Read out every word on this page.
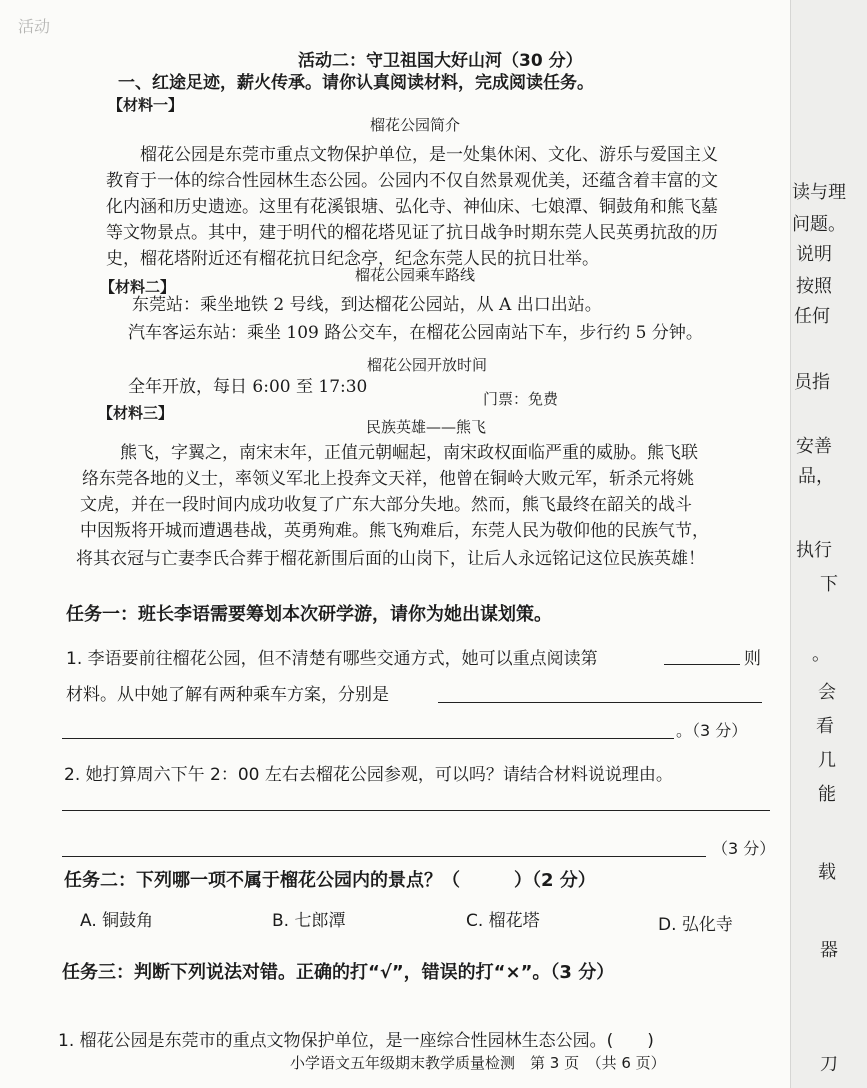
活动
活动二：守卫祖国大好山河（30 分）
一、红途足迹，薪火传承。请你认真阅读材料，完成阅读任务。
【材料一】
榴花公园简介
榴花公园是东莞市重点文物保护单位，是一处集休闲、文化、游乐与爱国主义
教育于一体的综合性园林生态公园。公园内不仅自然景观优美，还蕴含着丰富的文
化内涵和历史遗迹。这里有花溪银塘、弘化寺、神仙床、七娘潭、铜鼓角和熊飞墓
等文物景点。其中，建于明代的榴花塔见证了抗日战争时期东莞人民英勇抗敌的历
史，榴花塔附近还有榴花抗日纪念亭，纪念东莞人民的抗日壮举。
【材料二】
榴花公园乘车路线
东莞站：乘坐地铁 2 号线，到达榴花公园站，从 A 出口出站。
汽车客运东站：乘坐 109 路公交车，在榴花公园南站下车，步行约 5 分钟。
榴花公园开放时间
全年开放，每日 6:00 至 17:30
门票：免费
【材料三】
民族英雄——熊飞
熊飞，字翼之，南宋末年，正值元朝崛起，南宋政权面临严重的威胁。熊飞联
络东莞各地的义士，率领义军北上投奔文天祥，他曾在铜岭大败元军，斩杀元将姚
文虎，并在一段时间内成功收复了广东大部分失地。然而，熊飞最终在韶关的战斗
中因叛将开城而遭遇巷战，英勇殉难。熊飞殉难后，东莞人民为敬仰他的民族气节，
将其衣冠与亡妻李氏合葬于榴花新围后面的山岗下，让后人永远铭记这位民族英雄！
任务一：班长李语需要筹划本次研学游，请你为她出谋划策。
1. 李语要前往榴花公园，但不清楚有哪些交通方式，她可以重点阅读第	则
材料。从中她了解有两种乘车方案，分别是
。（3 分）
2. 她打算周六下午 2：00 左右去榴花公园参观，可以吗？请结合材料说说理由。
（3 分）
任务二：下列哪一项不属于榴花公园内的景点？（　　　）（2 分）
A. 铜鼓角	B. 七郎潭	C. 榴花塔	D. 弘化寺
任务三：判断下列说法对错。正确的打“√”，错误的打“×”。（3 分）
1. 榴花公园是东莞市的重点文物保护单位，是一座综合性园林生态公园。(　　)
小学语文五年级期末教学质量检测　第 3 页　（共 6 页）
读与理
问题。
说明
按照
任何
员指
安善
品，
执行
下
。
会
看
几
能
载
器
刀
